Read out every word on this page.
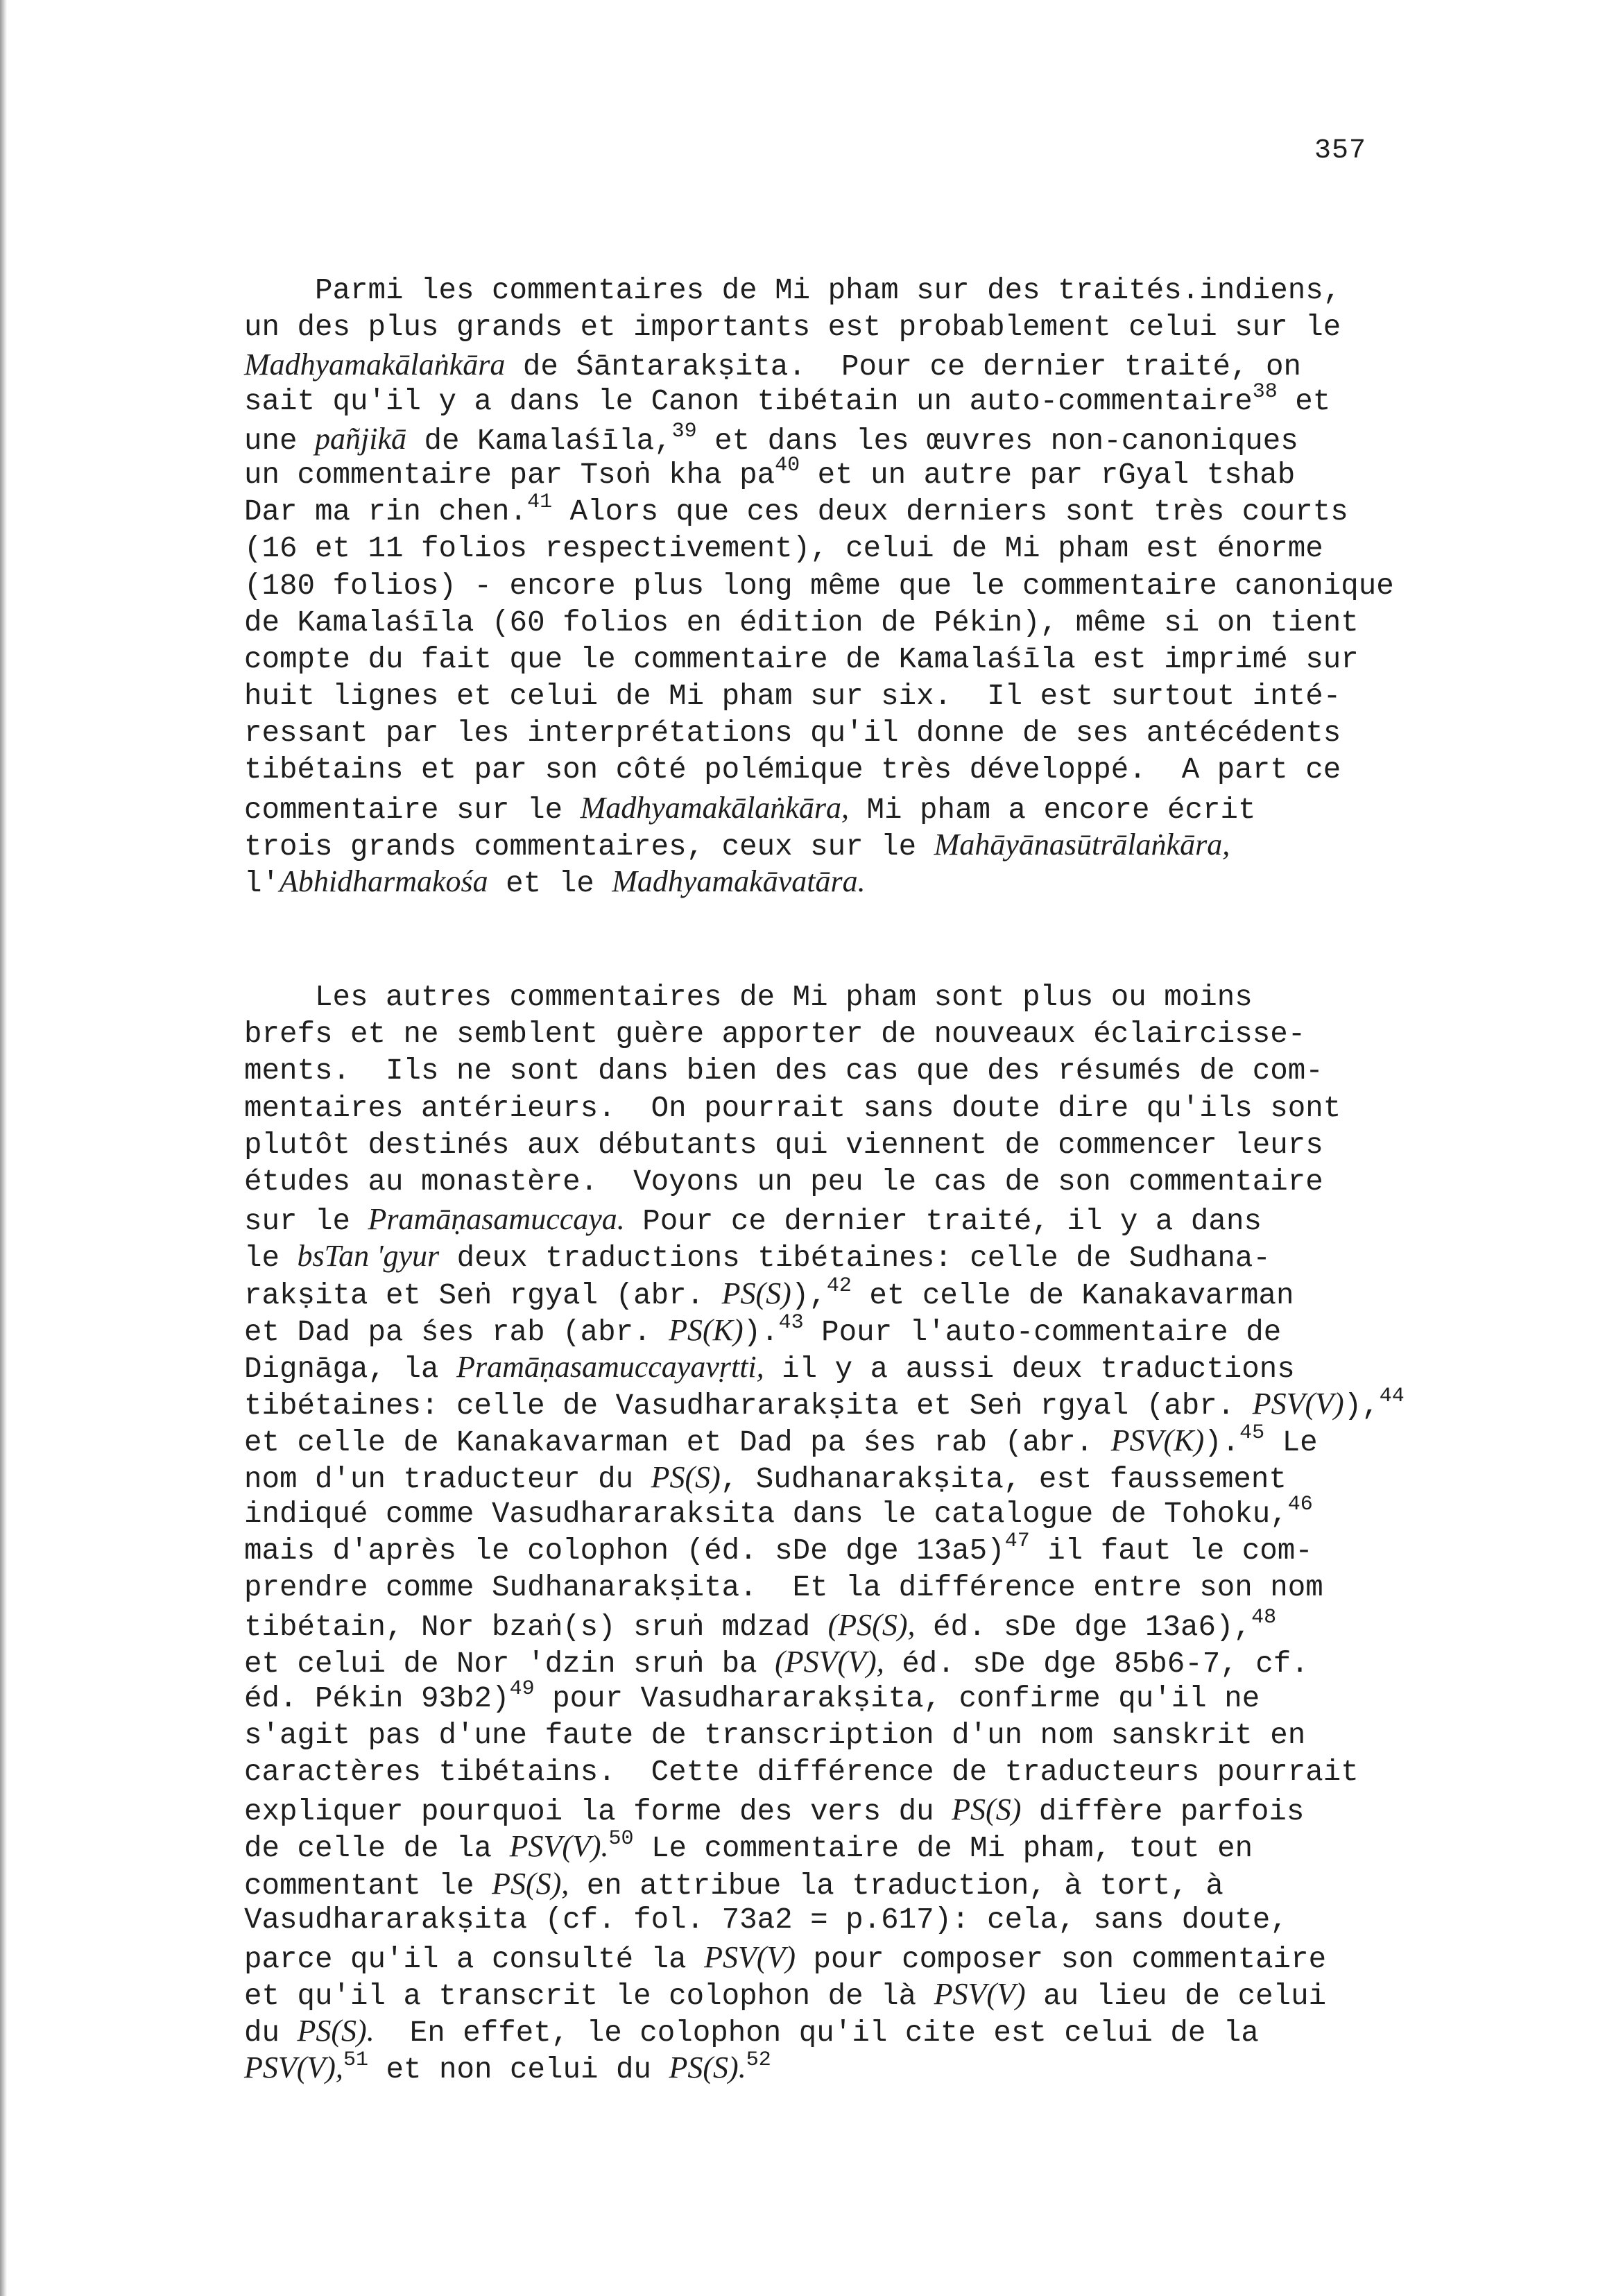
357
Parmi les commentaires de Mi pham sur des traités.indiens,
un des plus grands et importants est probablement celui sur le
Madhyamakālaṅkāra de Śāntarakṣita.  Pour ce dernier traité, on
sait qu'il y a dans le Canon tibétain un auto-commentaire$^{38}$ et
une pañjikā de Kamalaśīla,$^{39}$ et dans les œuvres non-canoniques
un commentaire par Tsoṅ kha $pa^{40}$ et un autre par rGyal tshab
Dar ma rin chen.$^{41}$ Alors que ces deux derniers sont très courts
(16 et 11 folios respectivement), celui de Mi pham est énorme
(180 folios) - encore plus long même que le commentaire canonique
de Kamalaśīla (60 folios en édition de Pékin), même si on tient
compte du fait que le commentaire de Kamalaśīla est imprimé sur
huit lignes et celui de Mi pham sur six.  Il est surtout inté-
ressant par les interprétations qu'il donne de ses antécédents
tibétains et par son côté polémique très développé.  A part ce
commentaire sur le Madhyamakālaṅkāra, Mi pham a encore écrit
trois grands commentaires, ceux sur le Mahāyānasūtrālaṅkāra,
l'Abhidharmakośa et le Madhyamakāvatāra.
Les autres commentaires de Mi pham sont plus ou moins
brefs et ne semblent guère apporter de nouveaux éclaircisse-
ments.  Ils ne sont dans bien des cas que des résumés de com-
mentaires antérieurs.  On pourrait sans doute dire qu'ils sont
plutôt destinés aux débutants qui viennent de commencer leurs
études au monastère.  Voyons un peu le cas de son commentaire
sur le Pramāṇasamuccaya. Pour ce dernier traité, il y a dans
le bsTan 'gyur deux traductions tibétaines: celle de Sudhana-
rakṣita et Seṅ rgyal (abr. PS(S)),$^{42}$ et celle de Kanakavarman
et Dad pa śes rab (abr. PS(K)).$^{43}$ Pour l'auto-commentaire de
Dignāga, la Pramāṇasamuccayavṛtti, il y a aussi deux traductions
tibétaines: celle de Vasudhararakṣita et Seṅ rgyal (abr. PSV(V)),$^{44}$
et celle de Kanakavarman et Dad pa śes rab (abr. PSV(K)).$^{45}$ Le
nom d'un traducteur du PS(S), Sudhanarakṣita, est faussement
indiqué comme Vasudhararaksita dans le catalogue de Tohoku,$^{46}$
mais d'après le colophon (éd. sDe dge 13a5)$^{47}$ il faut le com-
prendre comme Sudhanarakṣita.  Et la différence entre son nom
tibétain, Nor bzaṅ(s) sruṅ mdzad (PS(S), éd. sDe dge 13a6),$^{48}$
et celui de Nor 'dzin sruṅ ba (PSV(V), éd. sDe dge 85b6-7, cf.
éd. Pékin 93b2)$^{49}$ pour Vasudhararakṣita, confirme qu'il ne
s'agit pas d'une faute de transcription d'un nom sanskrit en
caractères tibétains.  Cette différence de traducteurs pourrait
expliquer pourquoi la forme des vers du PS(S) diffère parfois
de celle de la PSV(V).$^{50}$ Le commentaire de Mi pham, tout en
commentant le PS(S), en attribue la traduction, à tort, à
Vasudhararakṣita (cf. fol. 73a2 = p.617): cela, sans doute,
parce qu'il a consulté la PSV(V) pour composer son commentaire
et qu'il a transcrit le colophon de là PSV(V) au lieu de celui
du PS(S).  En effet, le colophon qu'il cite est celui de la
PSV(V),$^{51}$ et non celui du PS(S).$^{52}$
